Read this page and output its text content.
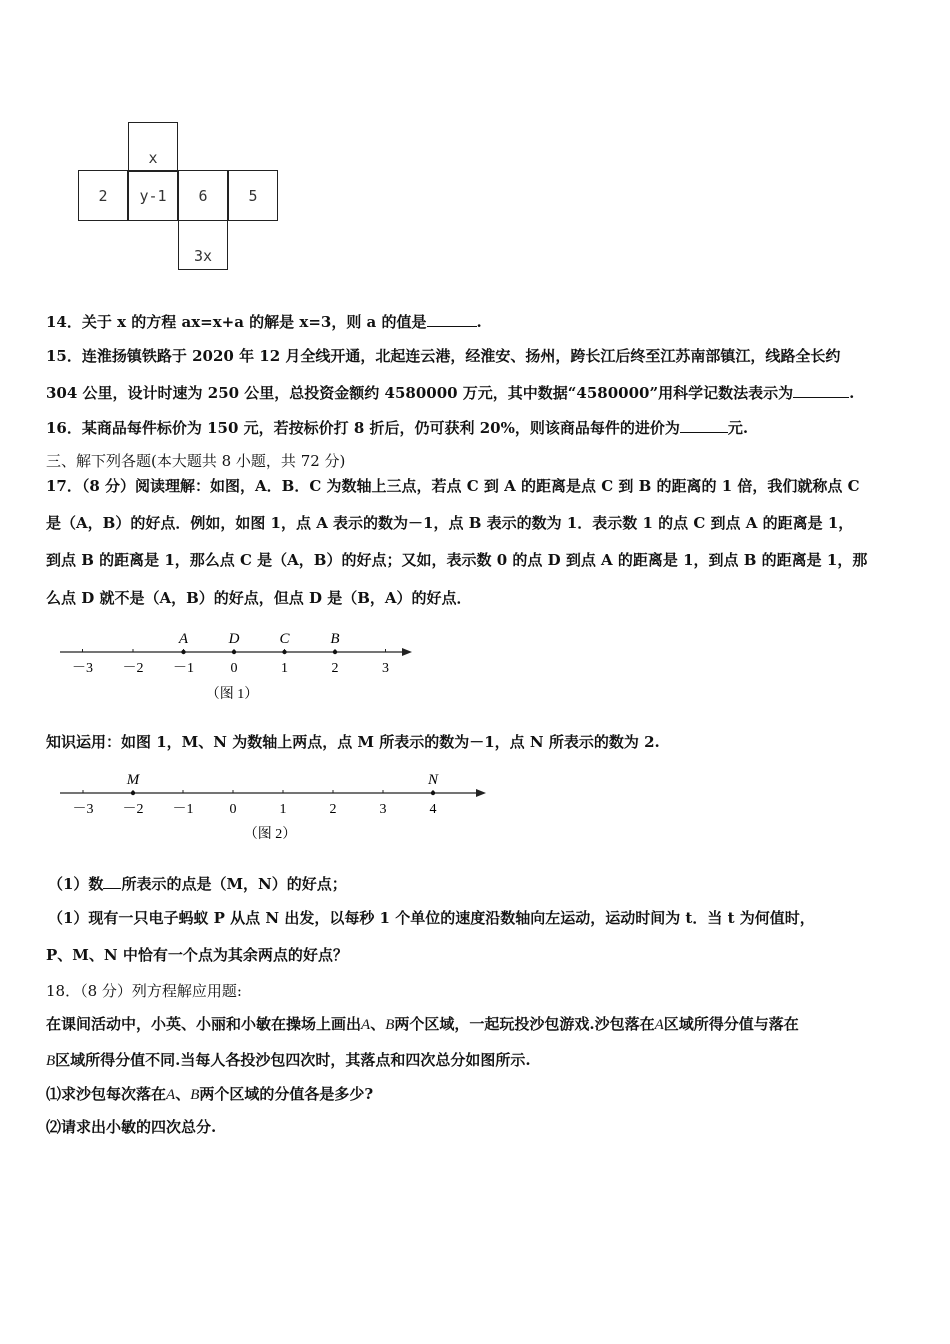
x
2	y-1	6	5
3x
14．关于 x 的方程 ax=x+a 的解是 x=3，则 a 的值是	.
15．连淮扬镇铁路于 2020 年 12 月全线开通，北起连云港，经淮安、扬州，跨长江后终至江苏南部镇江，线路全长约
304 公里，设计时速为 250 公里，总投资金额约 4580000 万元，其中数据“4580000”用科学记数法表示为	.
16．某商品每件标价为 150 元，若按标价打 8 折后，仍可获利 20%，则该商品每件的进价为	元.
三、解下列各题(本大题共 8 小题，共 72 分)
17．（8 分）阅读理解：如图，A．B．C 为数轴上三点，若点 C 到 A 的距离是点 C 到 B 的距离的 1 倍，我们就称点 C
是（A，B）的好点．例如，如图 1，点 A 表示的数为－1，点 B 表示的数为 1．表示数 1 的点 C 到点 A 的距离是 1，
到点 B 的距离是 1，那么点 C 是（A，B）的好点；又如，表示数 0 的点 D 到点 A 的距离是 1，到点 B 的距离是 1，那
么点 D 就不是（A，B）的好点，但点 D 是（B，A）的好点．
－3 －2 －1	0	1	2	3
A	D	C	B
（图 1）
知识运用：如图 1，M、N 为数轴上两点，点 M 所表示的数为－1，点 N 所表示的数为 2.
－3 －2 －1	0	1	2	3	4
M	N
（图 2）
（1）数 所表示的点是（M，N）的好点；
（1）现有一只电子蚂蚁 P 从点 N 出发，以每秒 1 个单位的速度沿数轴向左运动，运动时间为 t．当 t 为何值时，
P、M、N 中恰有一个点为其余两点的好点？
18．（8 分）列方程解应用题:
在课间活动中，小英、小丽和小敏在操场上画出A、B两个区域，一起玩投沙包游戏.沙包落在A区域所得分值与落在
B区域所得分值不同.当每人各投沙包四次时，其落点和四次总分如图所示.
⑴求沙包每次落在A、B两个区域的分值各是多少?
⑵请求出小敏的四次总分.
